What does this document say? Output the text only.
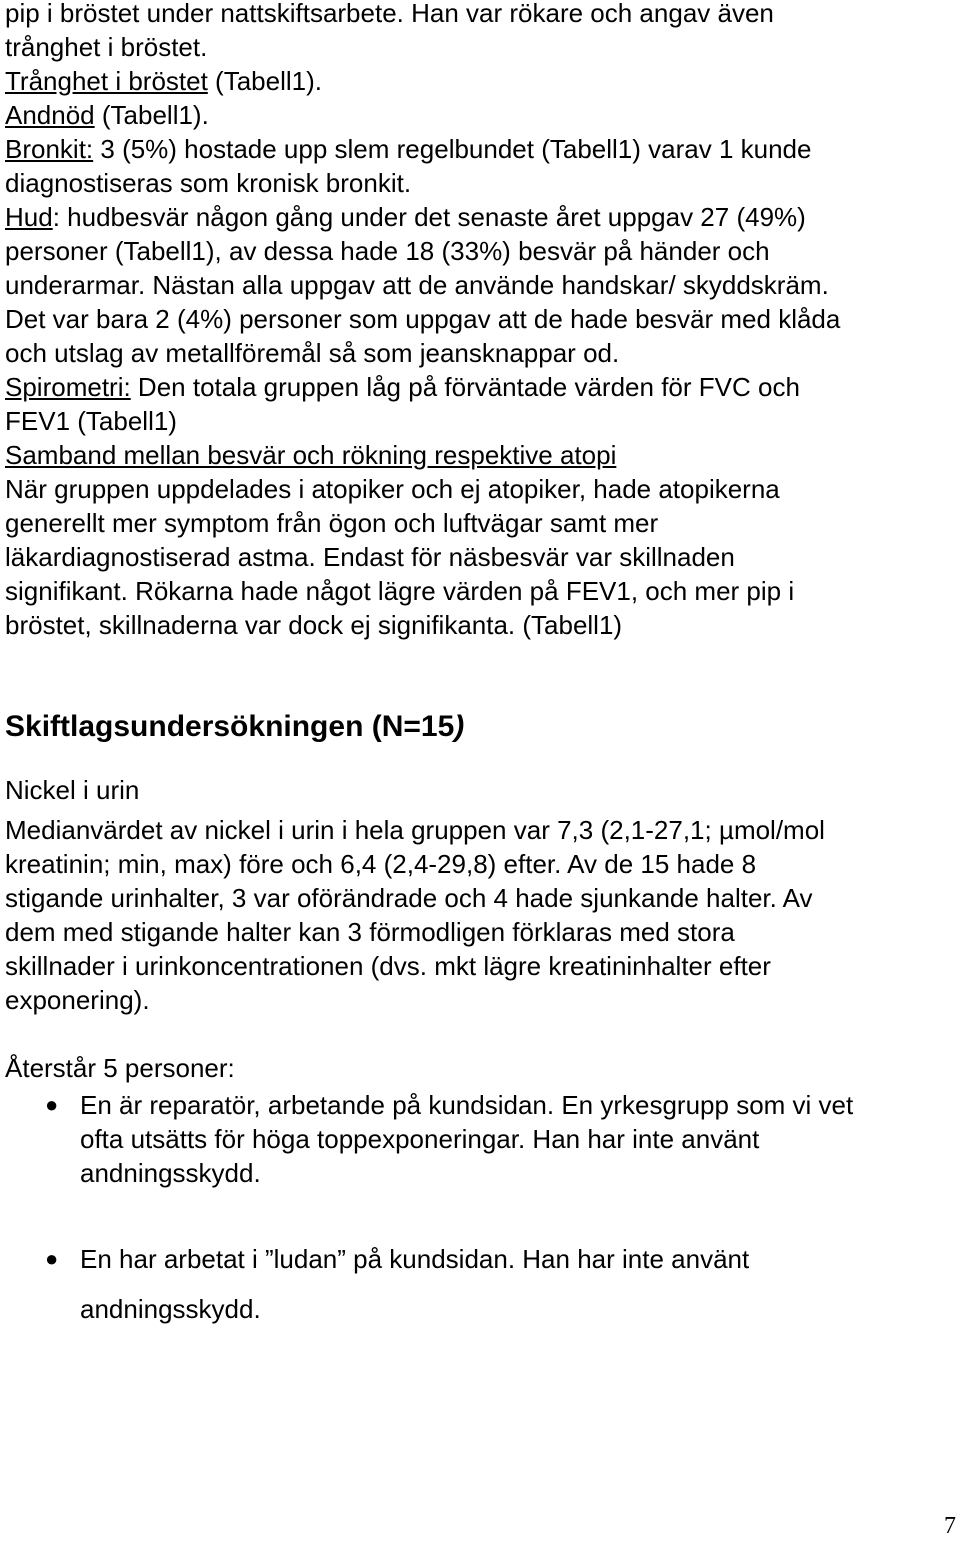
pip i bröstet under nattskiftsarbete. Han var rökare och angav även
trånghet i bröstet.
Trånghet i bröstet (Tabell1).
Andnöd (Tabell1).
Bronkit: 3 (5%) hostade upp slem regelbundet (Tabell1) varav 1 kunde
diagnostiseras som kronisk bronkit.
Hud: hudbesvär någon gång under det senaste året uppgav 27 (49%)
personer (Tabell1), av dessa hade 18 (33%) besvär på händer och
underarmar. Nästan alla uppgav att de använde handskar/ skyddskräm.
Det var bara 2 (4%) personer som uppgav att de hade besvär med klåda
och utslag av metallföremål så som jeansknappar od.
Spirometri: Den totala gruppen låg på förväntade värden för FVC och
FEV1 (Tabell1)
Samband mellan besvär och rökning respektive atopi
När gruppen uppdelades i atopiker och ej atopiker, hade atopikerna
generellt mer symptom från ögon och luftvägar samt mer
läkardiagnostiserad astma. Endast för näsbesvär var skillnaden
signifikant. Rökarna hade något lägre värden på FEV1, och mer pip i
bröstet, skillnaderna var dock ej signifikanta. (Tabell1)
Skiftlagsundersökningen (N=15)
Nickel i urin
Medianvärdet av nickel i urin i hela gruppen var 7,3 (2,1-27,1; µmol/mol
kreatinin; min, max) före och 6,4 (2,4-29,8) efter. Av de 15 hade 8
stigande urinhalter, 3 var oförändrade och 4 hade sjunkande halter. Av
dem med stigande halter kan 3 förmodligen förklaras med stora
skillnader i urinkoncentrationen (dvs. mkt lägre kreatininhalter efter
exponering).
Återstår 5 personer:
● En är reparatör, arbetande på kundsidan. En yrkesgrupp som vi vet
ofta utsätts för höga toppexponeringar. Han har inte använt
andningsskydd.
● En har arbetat i ”ludan” på kundsidan. Han har inte använt
andningsskydd.
7
